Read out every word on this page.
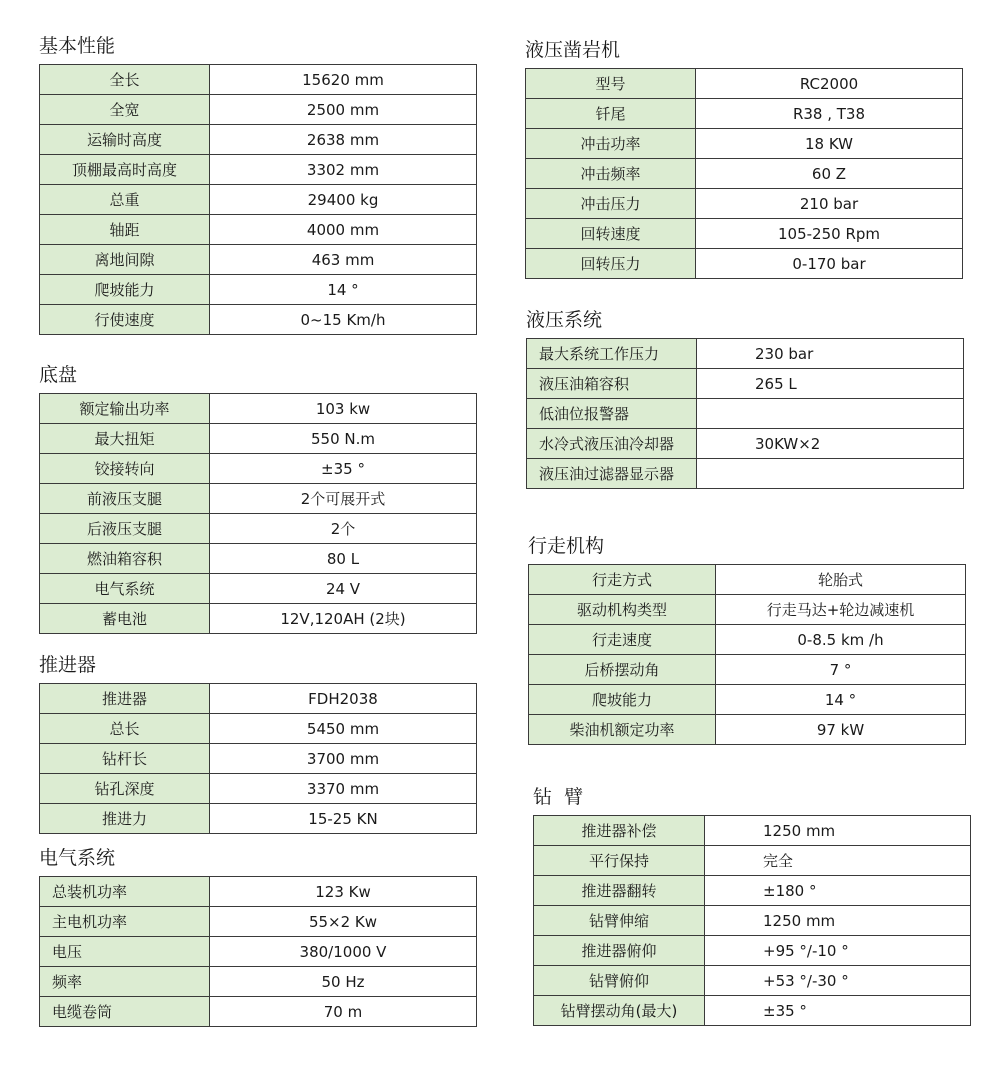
基本性能
全长	15620 mm
全宽	2500 mm
运输时高度	2638 mm
顶棚最高时高度	3302 mm
总重	29400 kg
轴距	4000 mm
离地间隙	463 mm
爬坡能力	14 °
行使速度	0~15 Km/h
底盘
额定输出功率	103 kw
最大扭矩	550 N.m
铰接转向	±35 °
前液压支腿	2个可展开式
后液压支腿	2个
燃油箱容积	80 L
电气系统	24 V
蓄电池	12V,120AH (2块)
推进器
推进器	FDH2038
总长	5450 mm
钻杆长	3700 mm
钻孔深度	3370 mm
推进力	15-25 KN
电气系统
总装机功率	123 Kw
主电机功率	55×2 Kw
电压	380/1000 V
频率	50 Hz
电缆卷筒	70 m
液压凿岩机
型号	RC2000
钎尾	R38 , T38
冲击功率	18 KW
冲击频率	60 Z
冲击压力	210 bar
回转速度	105-250 Rpm
回转压力	0-170 bar
液压系统
最大系统工作压力	230 bar
液压油箱容积	265 L
低油位报警器	
水冷式液压油冷却器	30KW×2
液压油过滤器显示器	
行走机构
行走方式	轮胎式
驱动机构类型	行走马达+轮边减速机
行走速度	0-8.5 km /h
后桥摆动角	7 °
爬坡能力	14 °
柴油机额定功率	97 kW
钻  臂
推进器补偿	1250 mm
平行保持	完全
推进器翻转	±180 °
钻臂伸缩	1250 mm
推进器俯仰	+95 °/-10 °
钻臂俯仰	+53 °/-30 °
钻臂摆动角(最大)	±35 °
